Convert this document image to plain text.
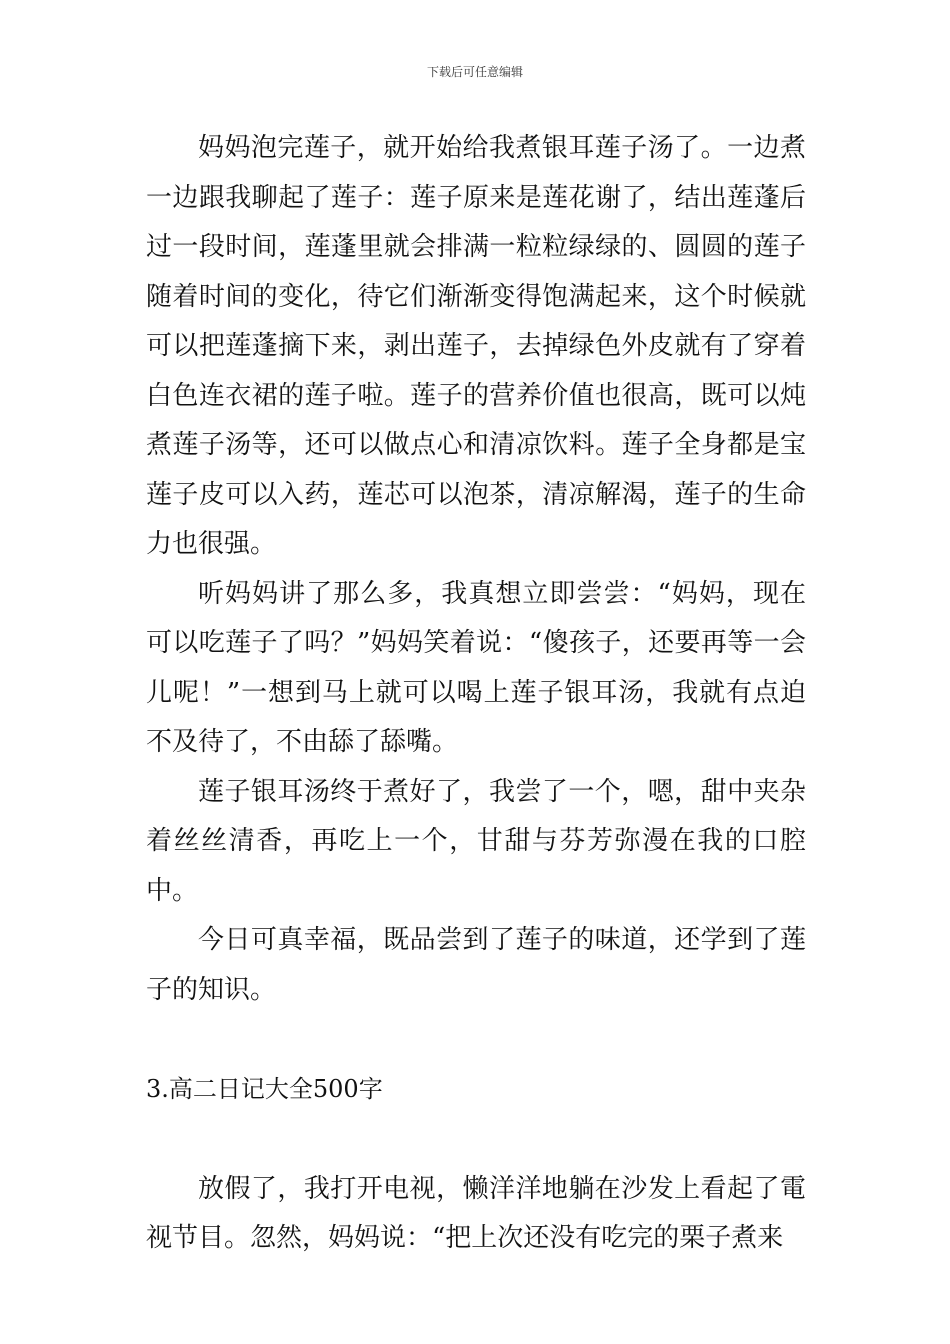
下载后可任意编辑

妈妈泡完莲子，就开始给我煮银耳莲子汤了。一边煮一边跟我聊起了莲子：莲子原来是莲花谢了，结出莲蓬后过一段时间，莲蓬里就会排满一粒粒绿绿的、圆圆的莲子随着时间的变化，待它们渐渐变得饱满起来，这个时候就可以把莲蓬摘下来，剥出莲子，去掉绿色外皮就有了穿着白色连衣裙的莲子啦。莲子的营养价值也很高，既可以炖煮莲子汤等，还可以做点心和清凉饮料。莲子全身都是宝莲子皮可以入药，莲芯可以泡茶，清凉解渴，莲子的生命力也很强。

听妈妈讲了那么多，我真想立即尝尝：“妈妈，现在可以吃莲子了吗？”妈妈笑着说：“傻孩子，还要再等一会儿呢！”一想到马上就可以喝上莲子银耳汤，我就有点迫不及待了，不由舔了舔嘴。

莲子银耳汤终于煮好了，我尝了一个，嗯，甜中夹杂着丝丝清香，再吃上一个，甘甜与芬芳弥漫在我的口腔中。

今日可真幸福，既品尝到了莲子的味道，还学到了莲子的知识。

3.高二日记大全500字

放假了，我打开电视，懒洋洋地躺在沙发上看起了電视节目。忽然，妈妈说：“把上次还没有吃完的栗子煮来
